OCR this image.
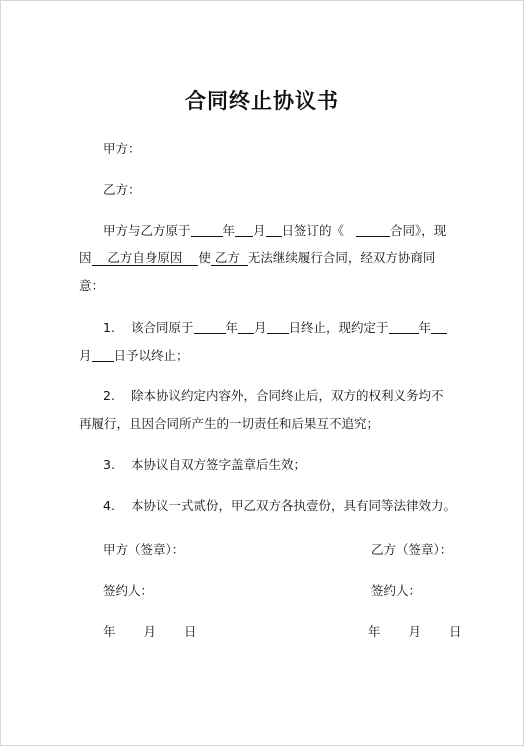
合同终止协议书
甲方：
乙方：
甲方与乙方原于	年 月 日签订的《	合同》，现
因 乙方自身原因 使 乙方 无法继续履行合同，经双方协商同
意：
1. 该合同原于	年 月 日终止，现约定于 年
月 日予以终止；
2. 除本协议约定内容外，合同终止后，双方的权利义务均不
再履行，且因合同所产生的一切责任和后果互不追究；
3. 本协议自双方签字盖章后生效；
4. 本协议一式贰份，甲乙双方各执壹份，具有同等法律效力。
甲方（签章）：	乙方（签章）：
签约人：	签约人：
年 月 日	年 月 日
